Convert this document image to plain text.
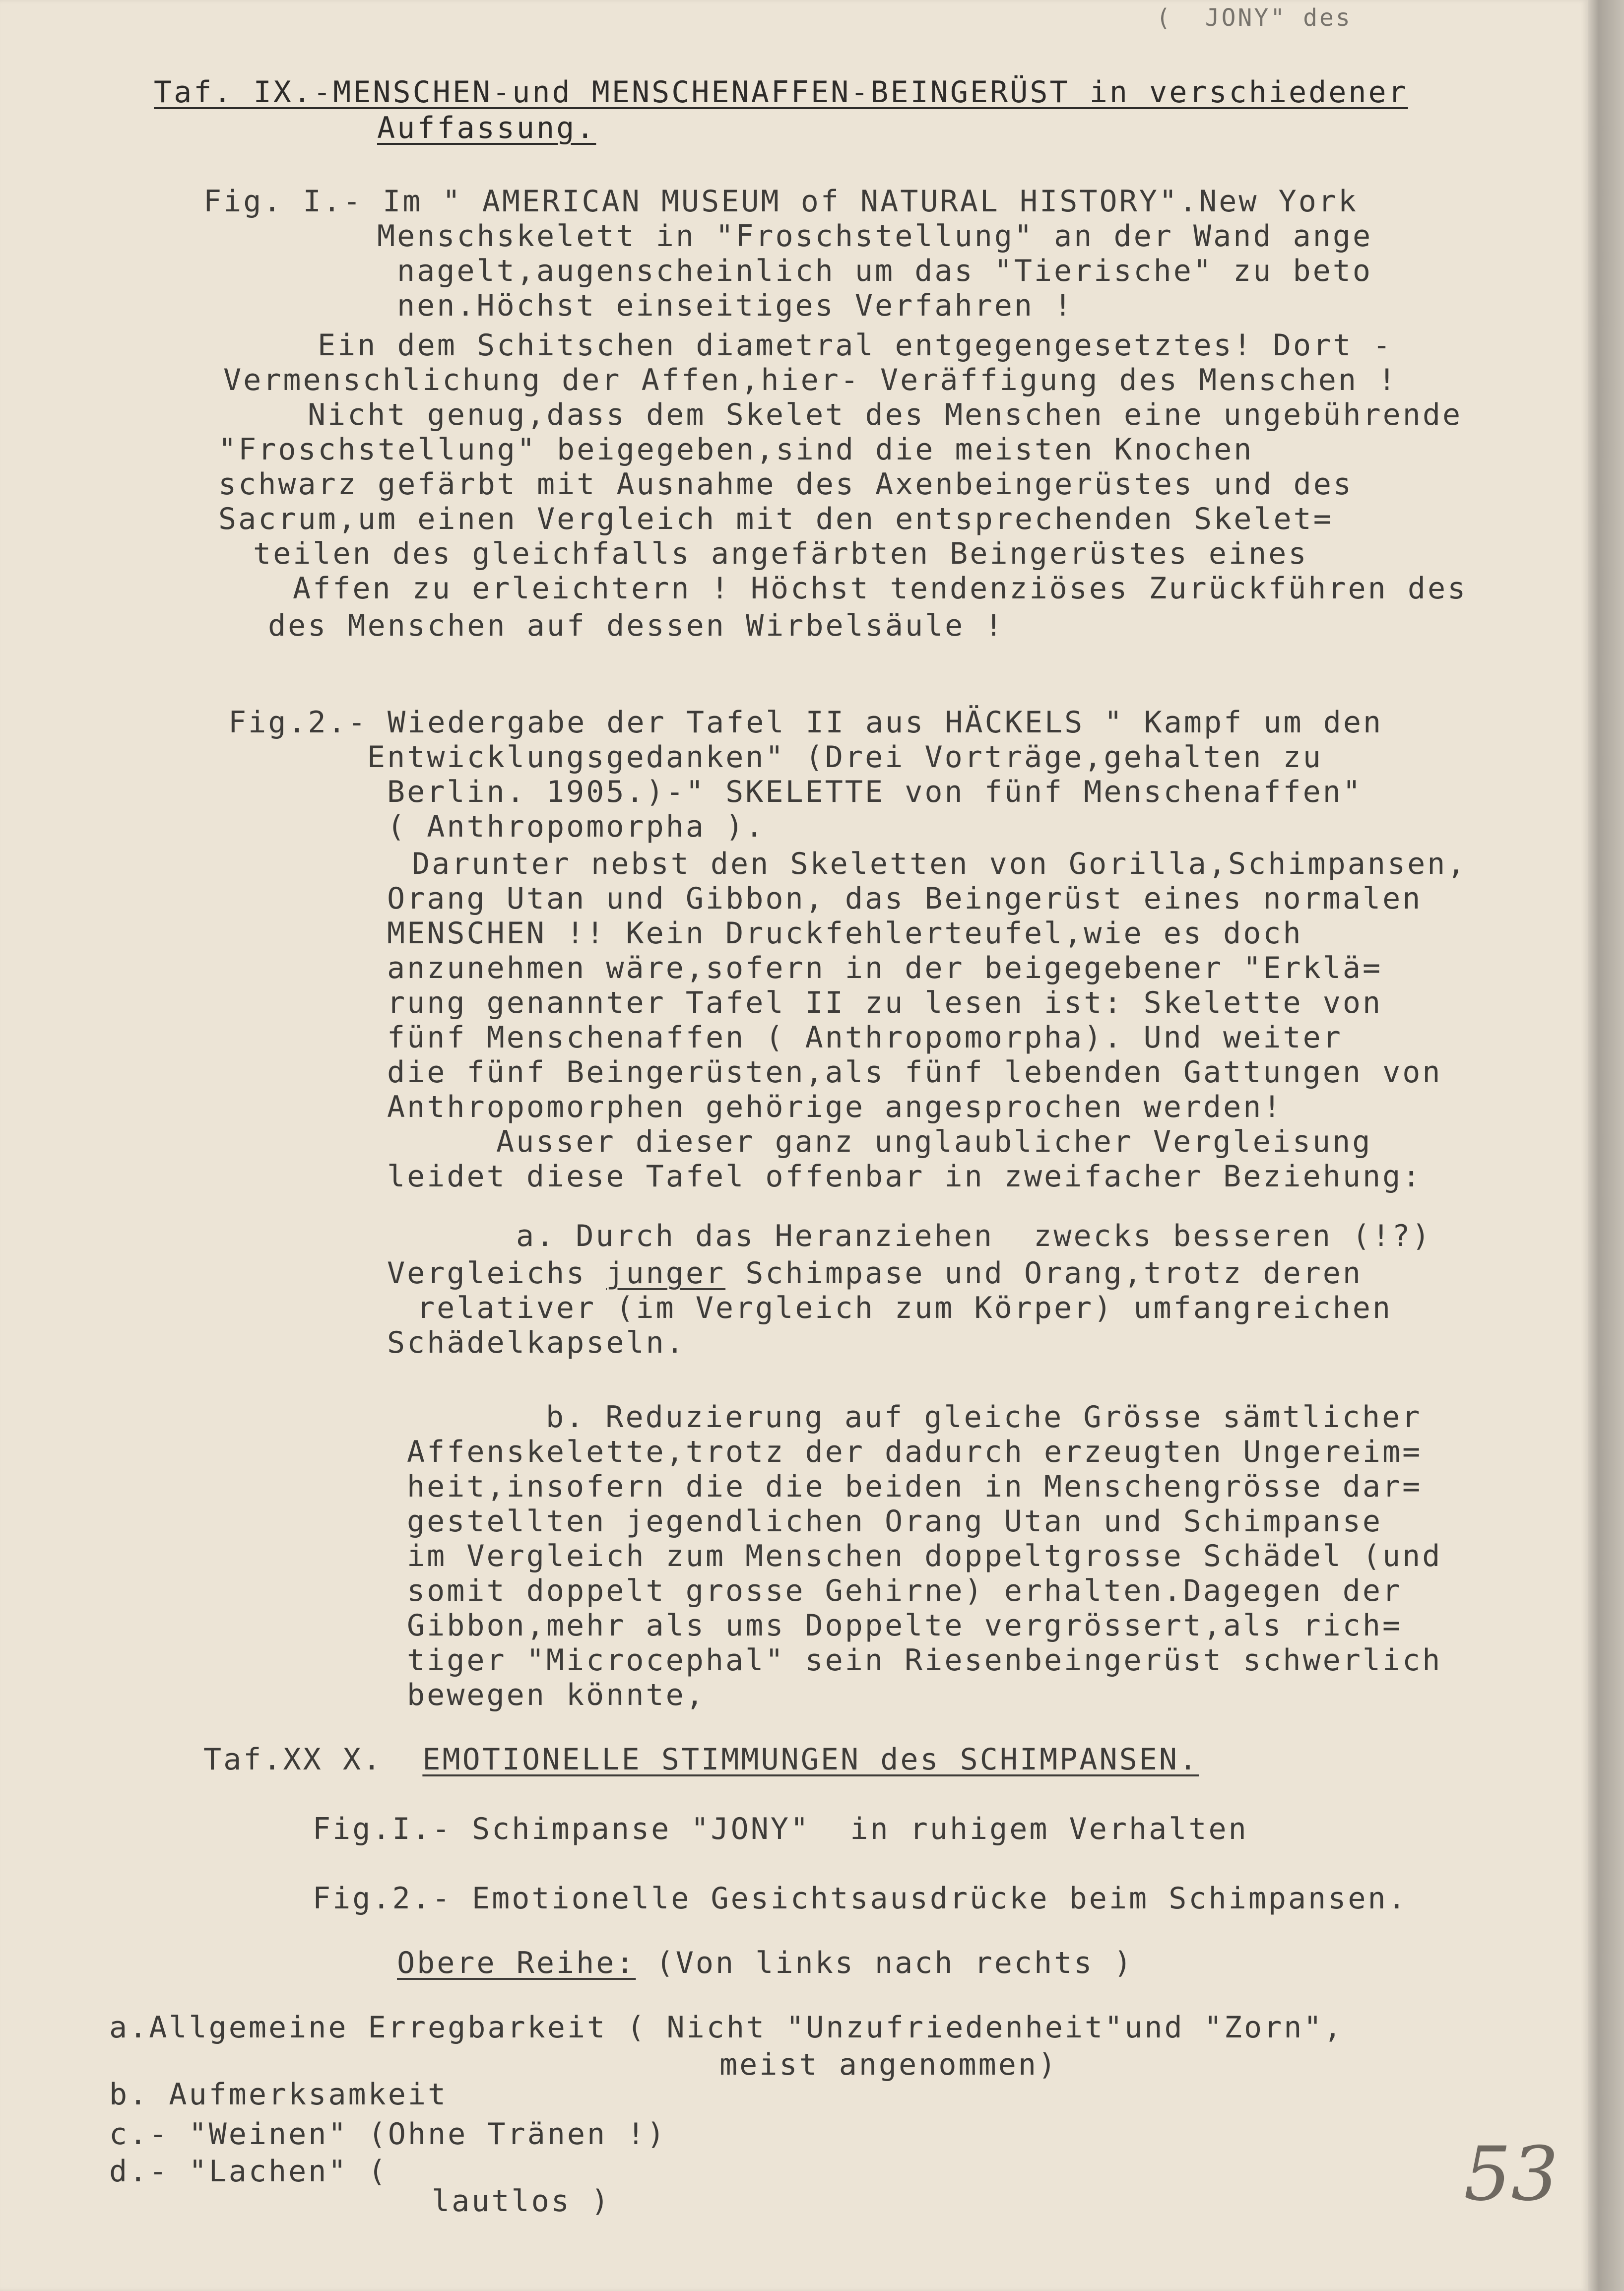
(  JONY" des
Taf. IX.-MENSCHEN-und MENSCHENAFFEN-BEINGERÜST in verschiedener
Auffassung.
Fig. I.- Im " AMERICAN MUSEUM of NATURAL HISTORY".New York
Menschskelett in "Froschstellung" an der Wand ange
nagelt,augenscheinlich um das "Tierische" zu beto
nen.Höchst einseitiges Verfahren !
Ein dem Schitschen diametral entgegengesetztes! Dort -
Vermenschlichung der Affen,hier- Veräffigung des Menschen !
Nicht genug,dass dem Skelet des Menschen eine ungebührende
"Froschstellung" beigegeben,sind die meisten Knochen
schwarz gefärbt mit Ausnahme des Axenbeingerüstes und des
Sacrum,um einen Vergleich mit den entsprechenden Skelet=
teilen des gleichfalls angefärbten Beingerüstes eines
Affen zu erleichtern ! Höchst tendenziöses Zurückführen des
des Menschen auf dessen Wirbelsäule !
Fig.2.- Wiedergabe der Tafel II aus HÄCKELS " Kampf um den
Entwicklungsgedanken" (Drei Vorträge,gehalten zu
Berlin. 1905.)-" SKELETTE von fünf Menschenaffen"
( Anthropomorpha ).
Darunter nebst den Skeletten von Gorilla,Schimpansen,
Orang Utan und Gibbon, das Beingerüst eines normalen
MENSCHEN !! Kein Druckfehlerteufel,wie es doch
anzunehmen wäre,sofern in der beigegebener "Erklä=
rung genannter Tafel II zu lesen ist: Skelette von
fünf Menschenaffen ( Anthropomorpha). Und weiter
die fünf Beingerüsten,als fünf lebenden Gattungen von
Anthropomorphen gehörige angesprochen werden!
Ausser dieser ganz unglaublicher Vergleisung
leidet diese Tafel offenbar in zweifacher Beziehung:
a. Durch das Heranziehen  zwecks besseren (!?)
Vergleichs junger Schimpase und Orang,trotz deren
relativer (im Vergleich zum Körper) umfangreichen
Schädelkapseln.
b. Reduzierung auf gleiche Grösse sämtlicher
Affenskelette,trotz der dadurch erzeugten Ungereim=
heit,insofern die die beiden in Menschengrösse dar=
gestellten jegendlichen Orang Utan und Schimpanse
im Vergleich zum Menschen doppeltgrosse Schädel (und
somit doppelt grosse Gehirne) erhalten.Dagegen der
Gibbon,mehr als ums Doppelte vergrössert,als rich=
tiger "Microcephal" sein Riesenbeingerüst schwerlich
bewegen könnte,
Taf.XX X.  EMOTIONELLE STIMMUNGEN des SCHIMPANSEN.
Fig.I.- Schimpanse "JONY"  in ruhigem Verhalten
Fig.2.- Emotionelle Gesichtsausdrücke beim Schimpansen.
Obere Reihe: (Von links nach rechts )
a.Allgemeine Erregbarkeit ( Nicht "Unzufriedenheit"und "Zorn",
meist angenommen)
b. Aufmerksamkeit
c.- "Weinen" (Ohne Tränen !)
d.- "Lachen" (
lautlos )	53
